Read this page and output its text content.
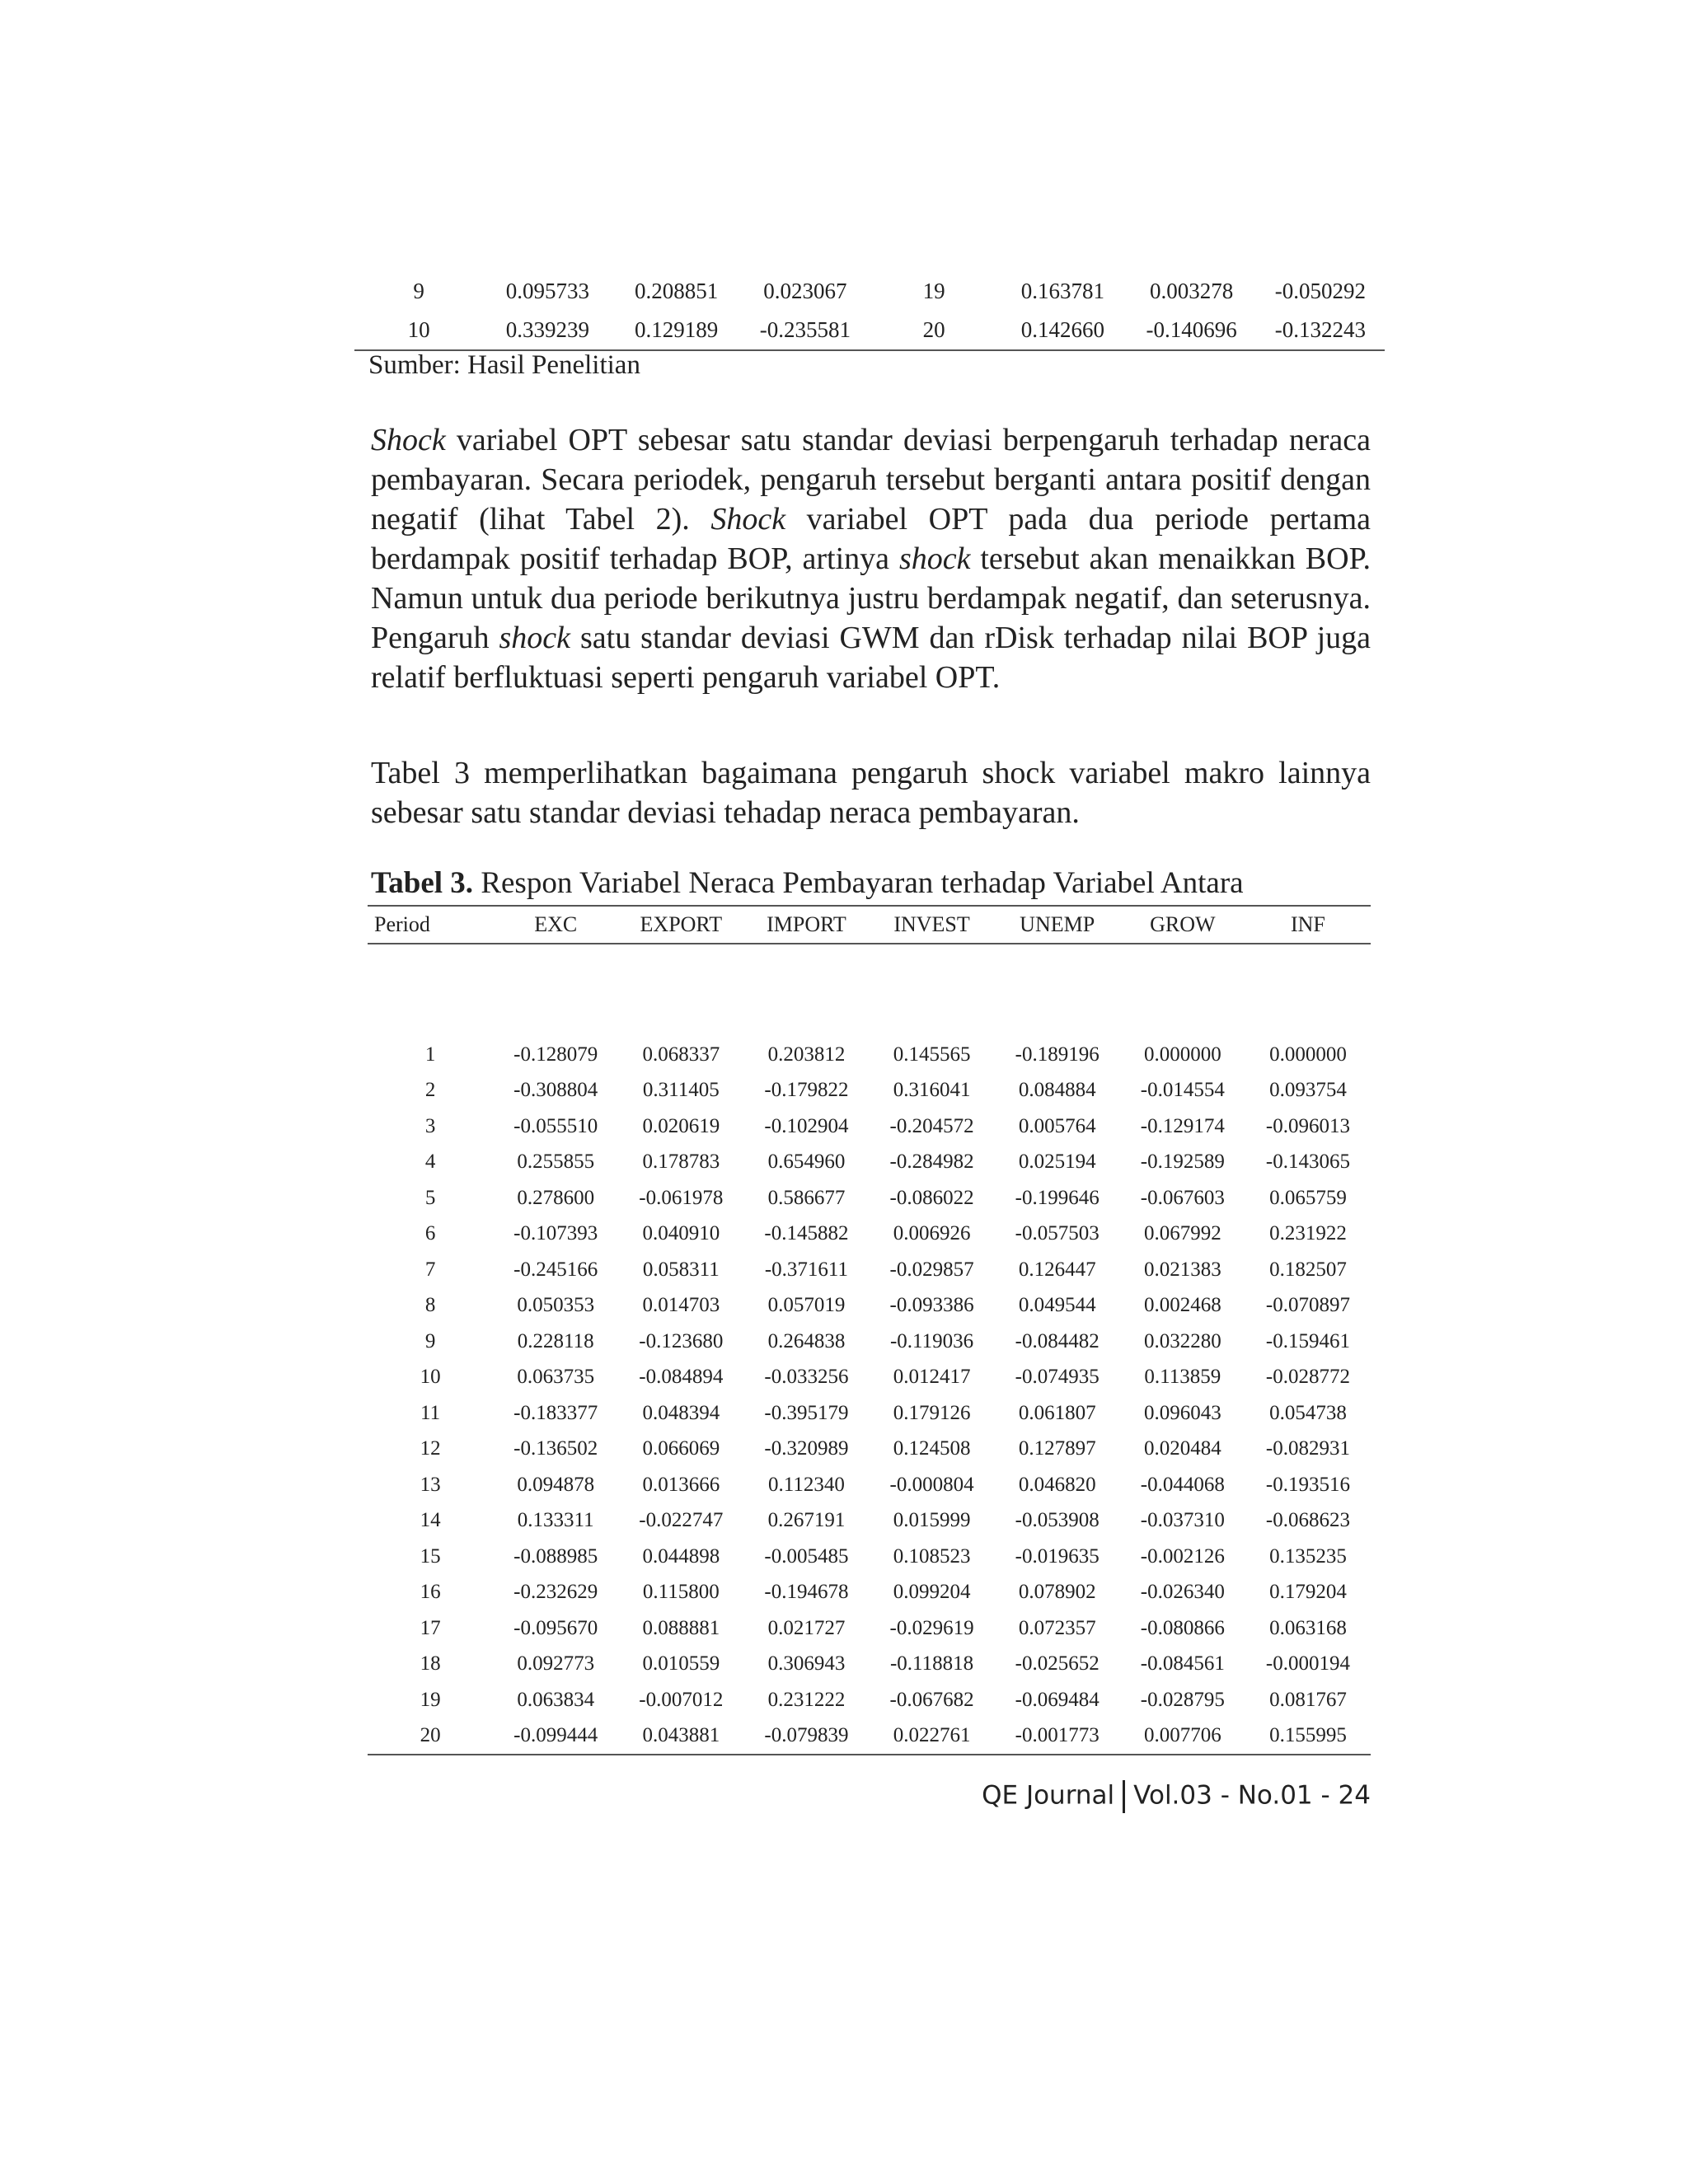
9	0.095733	0.208851	0.023067	19	0.163781	0.003278	-0.050292
10	0.339239	0.129189	-0.235581	20	0.142660	-0.140696	-0.132243

Sumber: Hasil Penelitian

Shock variabel OPT sebesar satu standar deviasi berpengaruh terhadap neraca pembayaran. Secara periodek, pengaruh tersebut berganti antara positif dengan negatif (lihat Tabel 2). Shock variabel OPT pada dua periode pertama berdampak positif terhadap BOP, artinya shock tersebut akan menaikkan BOP. Namun untuk dua periode berikutnya justru berdampak negatif, dan seterusnya. Pengaruh shock satu standar deviasi GWM dan rDisk terhadap nilai BOP juga relatif berfluktuasi seperti pengaruh variabel OPT.

Tabel 3 memperlihatkan bagaimana pengaruh shock variabel makro lainnya sebesar satu standar deviasi tehadap neraca pembayaran.

Tabel 3. Respon Variabel Neraca Pembayaran terhadap Variabel Antara

Period	EXC	EXPORT	IMPORT	INVEST	UNEMP	GROW	INF

1	-0.128079	0.068337	0.203812	0.145565	-0.189196	0.000000	0.000000
2	-0.308804	0.311405	-0.179822	0.316041	0.084884	-0.014554	0.093754
3	-0.055510	0.020619	-0.102904	-0.204572	0.005764	-0.129174	-0.096013
4	0.255855	0.178783	0.654960	-0.284982	0.025194	-0.192589	-0.143065
5	0.278600	-0.061978	0.586677	-0.086022	-0.199646	-0.067603	0.065759
6	-0.107393	0.040910	-0.145882	0.006926	-0.057503	0.067992	0.231922
7	-0.245166	0.058311	-0.371611	-0.029857	0.126447	0.021383	0.182507
8	0.050353	0.014703	0.057019	-0.093386	0.049544	0.002468	-0.070897
9	0.228118	-0.123680	0.264838	-0.119036	-0.084482	0.032280	-0.159461
10	0.063735	-0.084894	-0.033256	0.012417	-0.074935	0.113859	-0.028772
11	-0.183377	0.048394	-0.395179	0.179126	0.061807	0.096043	0.054738
12	-0.136502	0.066069	-0.320989	0.124508	0.127897	0.020484	-0.082931
13	0.094878	0.013666	0.112340	-0.000804	0.046820	-0.044068	-0.193516
14	0.133311	-0.022747	0.267191	0.015999	-0.053908	-0.037310	-0.068623
15	-0.088985	0.044898	-0.005485	0.108523	-0.019635	-0.002126	0.135235
16	-0.232629	0.115800	-0.194678	0.099204	0.078902	-0.026340	0.179204
17	-0.095670	0.088881	0.021727	-0.029619	0.072357	-0.080866	0.063168
18	0.092773	0.010559	0.306943	-0.118818	-0.025652	-0.084561	-0.000194
19	0.063834	-0.007012	0.231222	-0.067682	-0.069484	-0.028795	0.081767
20	-0.099444	0.043881	-0.079839	0.022761	-0.001773	0.007706	0.155995

QE Journal Vol.03 - No.01 - 24
